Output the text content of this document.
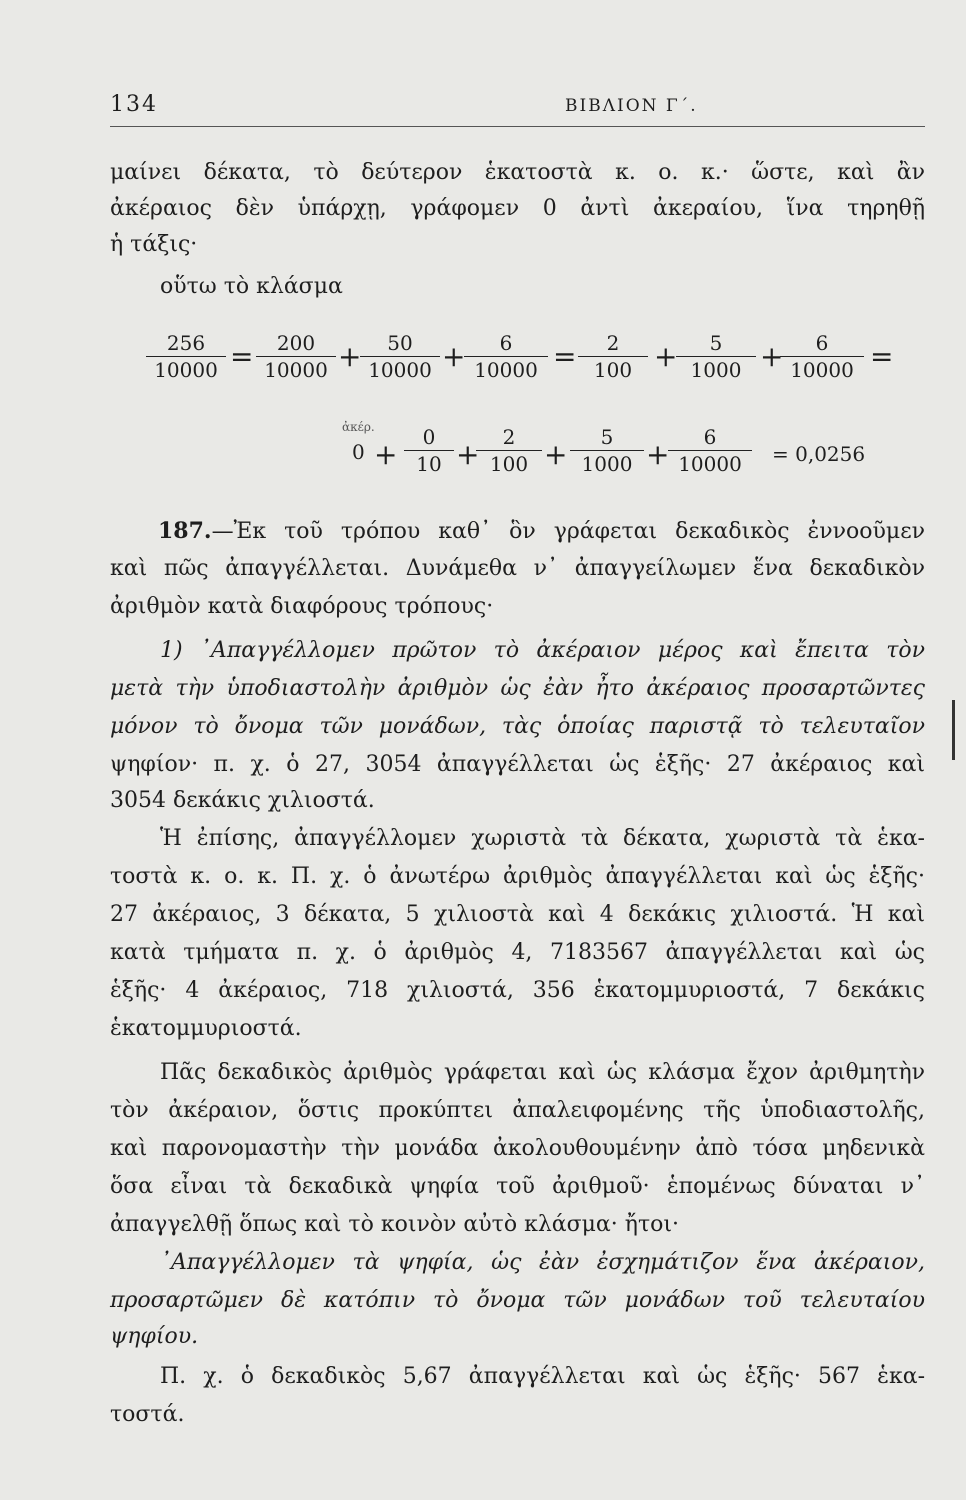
134	ΒΙΒΛΙΟΝ Γ΄.
μαίνει δέκατα, τὸ δεύτερον ἑκατοστὰ κ. ο. κ.· ὥστε, καὶ ἂν
ἀκέραιος δὲν ὑπάρχῃ, γράφομεν 0 ἀντὶ ἀκεραίου, ἵνα τηρηθῇ
ἡ τάξις·
οὕτω τὸ κλάσμα
256
10000 =	200
10000 +	50
10000 +	6
10000 =	2
100 +	5
1000 +	6
10000 =
ἀκέρ.
0 +
0
10 +
2
100 +
5
1000 +
6
10000	= 0,0256
187.—Ἐκ τοῦ τρόπου καθ᾽ ὃν γράφεται δεκαδικὸς ἐννοοῦμεν
καὶ πῶς ἀπαγγέλλεται. Δυνάμεθα ν᾽ ἀπαγγείλωμεν ἕνα δεκαδικὸν
ἀριθμὸν κατὰ διαφόρους τρόπους·
1) ᾿Απαγγέλλομεν πρῶτον τὸ ἀκέραιον μέρος καὶ ἔπειτα τὸν
μετὰ τὴν ὑποδιαστολὴν ἀριθμὸν ὡς ἐὰν ἦτο ἀκέραιος προσαρτῶντες
μόνον τὸ ὄνομα τῶν μονάδων, τὰς ὁποίας παριστᾷ τὸ τελευταῖον
ψηφίον· π. χ. ὁ 27, 3054 ἀπαγγέλλεται ὡς ἑξῆς· 27 ἀκέραιος καὶ
3054 δεκάκις χιλιοστά.
Ἡ ἐπίσης, ἀπαγγέλλομεν χωριστὰ τὰ δέκατα, χωριστὰ τὰ ἑκα-
τοστὰ κ. ο. κ. Π. χ. ὁ ἀνωτέρω ἀριθμὸς ἀπαγγέλλεται καὶ ὡς ἑξῆς·
27 ἀκέραιος, 3 δέκατα, 5 χιλιοστὰ καὶ 4 δεκάκις χιλιοστά. Ἡ καὶ
κατὰ τμήματα π. χ. ὁ ἀριθμὸς 4, 7183567 ἀπαγγέλλεται καὶ ὡς
ἑξῆς· 4 ἀκέραιος, 718 χιλιοστά, 356 ἑκατομμυριοστά, 7 δεκάκις
ἑκατομμυριοστά.
Πᾶς δεκαδικὸς ἀριθμὸς γράφεται καὶ ὡς κλάσμα ἔχον ἀριθμητὴν
τὸν ἀκέραιον, ὅστις προκύπτει ἀπαλειφομένης τῆς ὑποδιαστολῆς,
καὶ παρονομαστὴν τὴν μονάδα ἀκολουθουμένην ἀπὸ τόσα μηδενικὰ
ὅσα εἶναι τὰ δεκαδικὰ ψηφία τοῦ ἀριθμοῦ· ἑπομένως δύναται ν᾽
ἀπαγγελθῇ ὅπως καὶ τὸ κοινὸν αὐτὸ κλάσμα· ἤτοι·
᾿Απαγγέλλομεν τὰ ψηφία, ὡς ἐὰν ἐσχημάτιζον ἕνα ἀκέραιον,
προσαρτῶμεν δὲ κατόπιν τὸ ὄνομα τῶν μονάδων τοῦ τελευταίου
ψηφίου.
Π. χ. ὁ δεκαδικὸς 5,67 ἀπαγγέλλεται καὶ ὡς ἑξῆς· 567 ἑκα-
τοστά.
